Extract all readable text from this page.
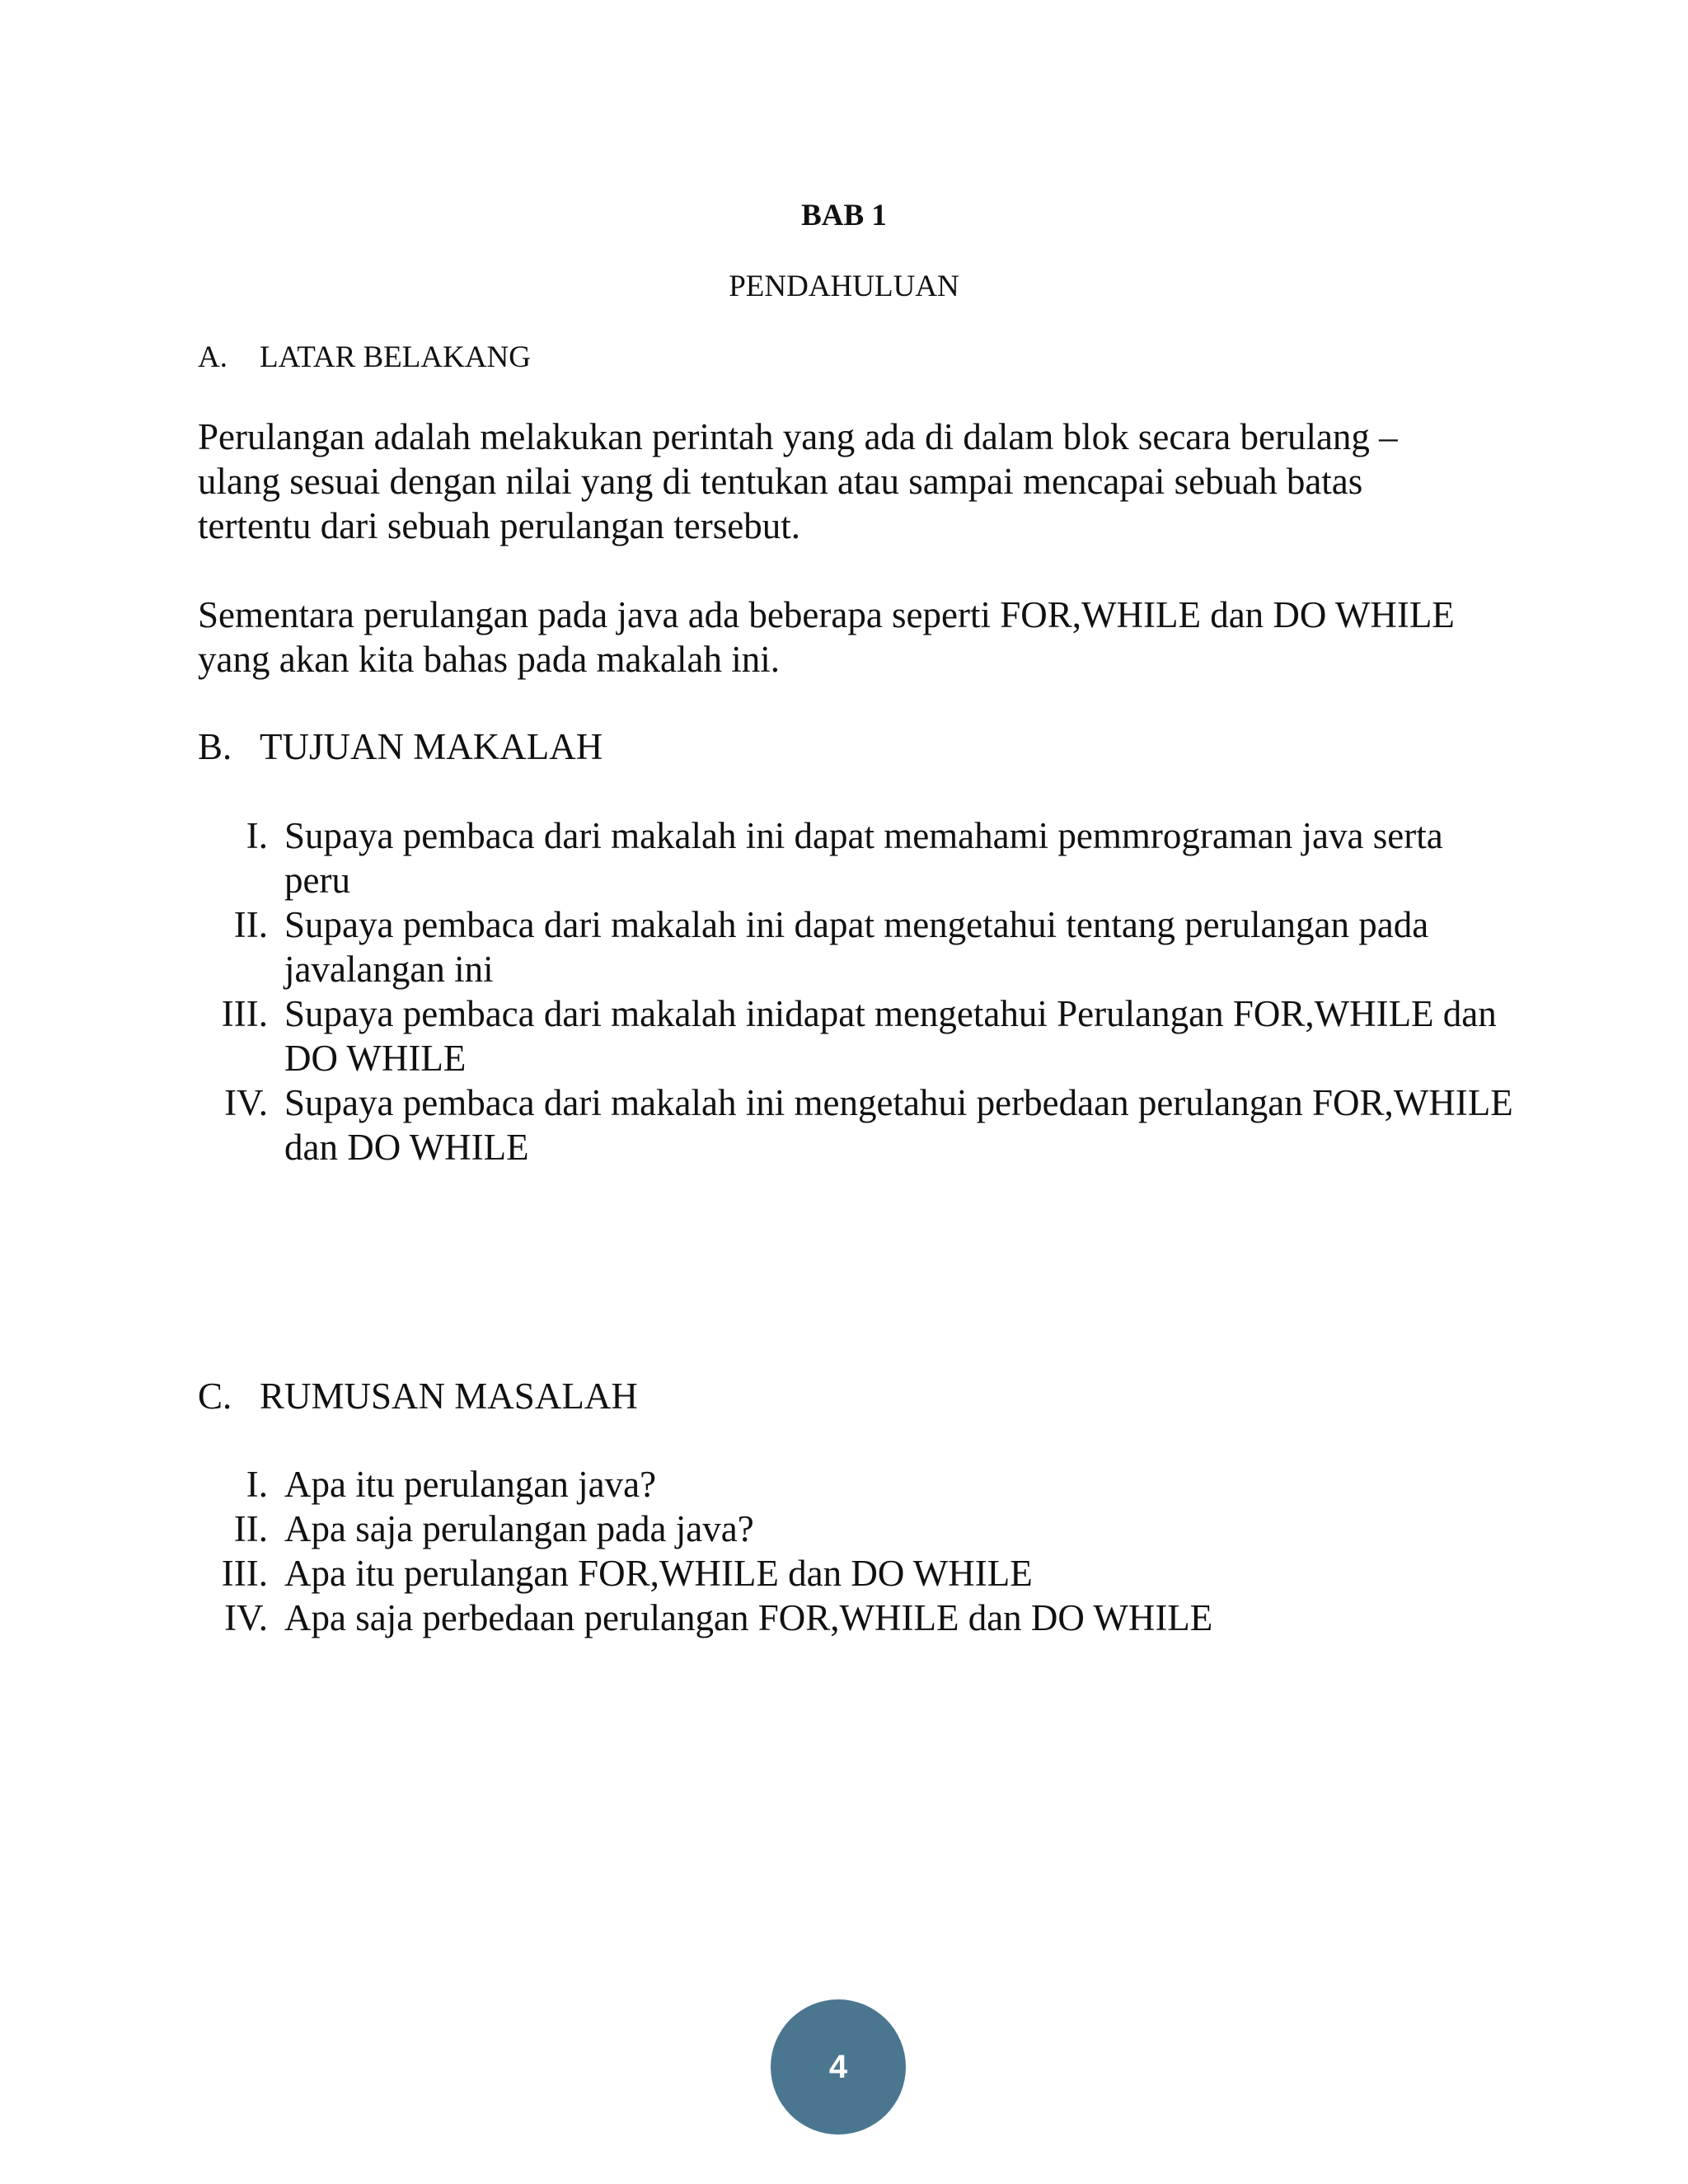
BAB 1
PENDAHULUAN
A. LATAR BELAKANG

Perulangan adalah melakukan perintah yang ada di dalam blok secara berulang – ulang sesuai dengan nilai yang di tentukan atau sampai mencapai sebuah batas tertentu dari sebuah perulangan tersebut.

Sementara perulangan pada java ada beberapa seperti FOR,WHILE dan DO WHILE yang akan kita bahas pada makalah ini.

B. TUJUAN MAKALAH
I. Supaya pembaca dari makalah ini dapat memahami pemmrograman java serta peru
II. Supaya pembaca dari makalah ini dapat mengetahui tentang perulangan pada javalangan ini
III. Supaya pembaca dari makalah inidapat mengetahui Perulangan FOR,WHILE dan DO WHILE
IV. Supaya pembaca dari makalah ini mengetahui perbedaan perulangan FOR,WHILE dan DO WHILE
C. RUMUSAN MASALAH
I. Apa itu perulangan java?
II. Apa saja perulangan pada java?
III. Apa itu perulangan FOR,WHILE dan DO WHILE
IV. Apa saja perbedaan perulangan FOR,WHILE dan DO WHILE
4
